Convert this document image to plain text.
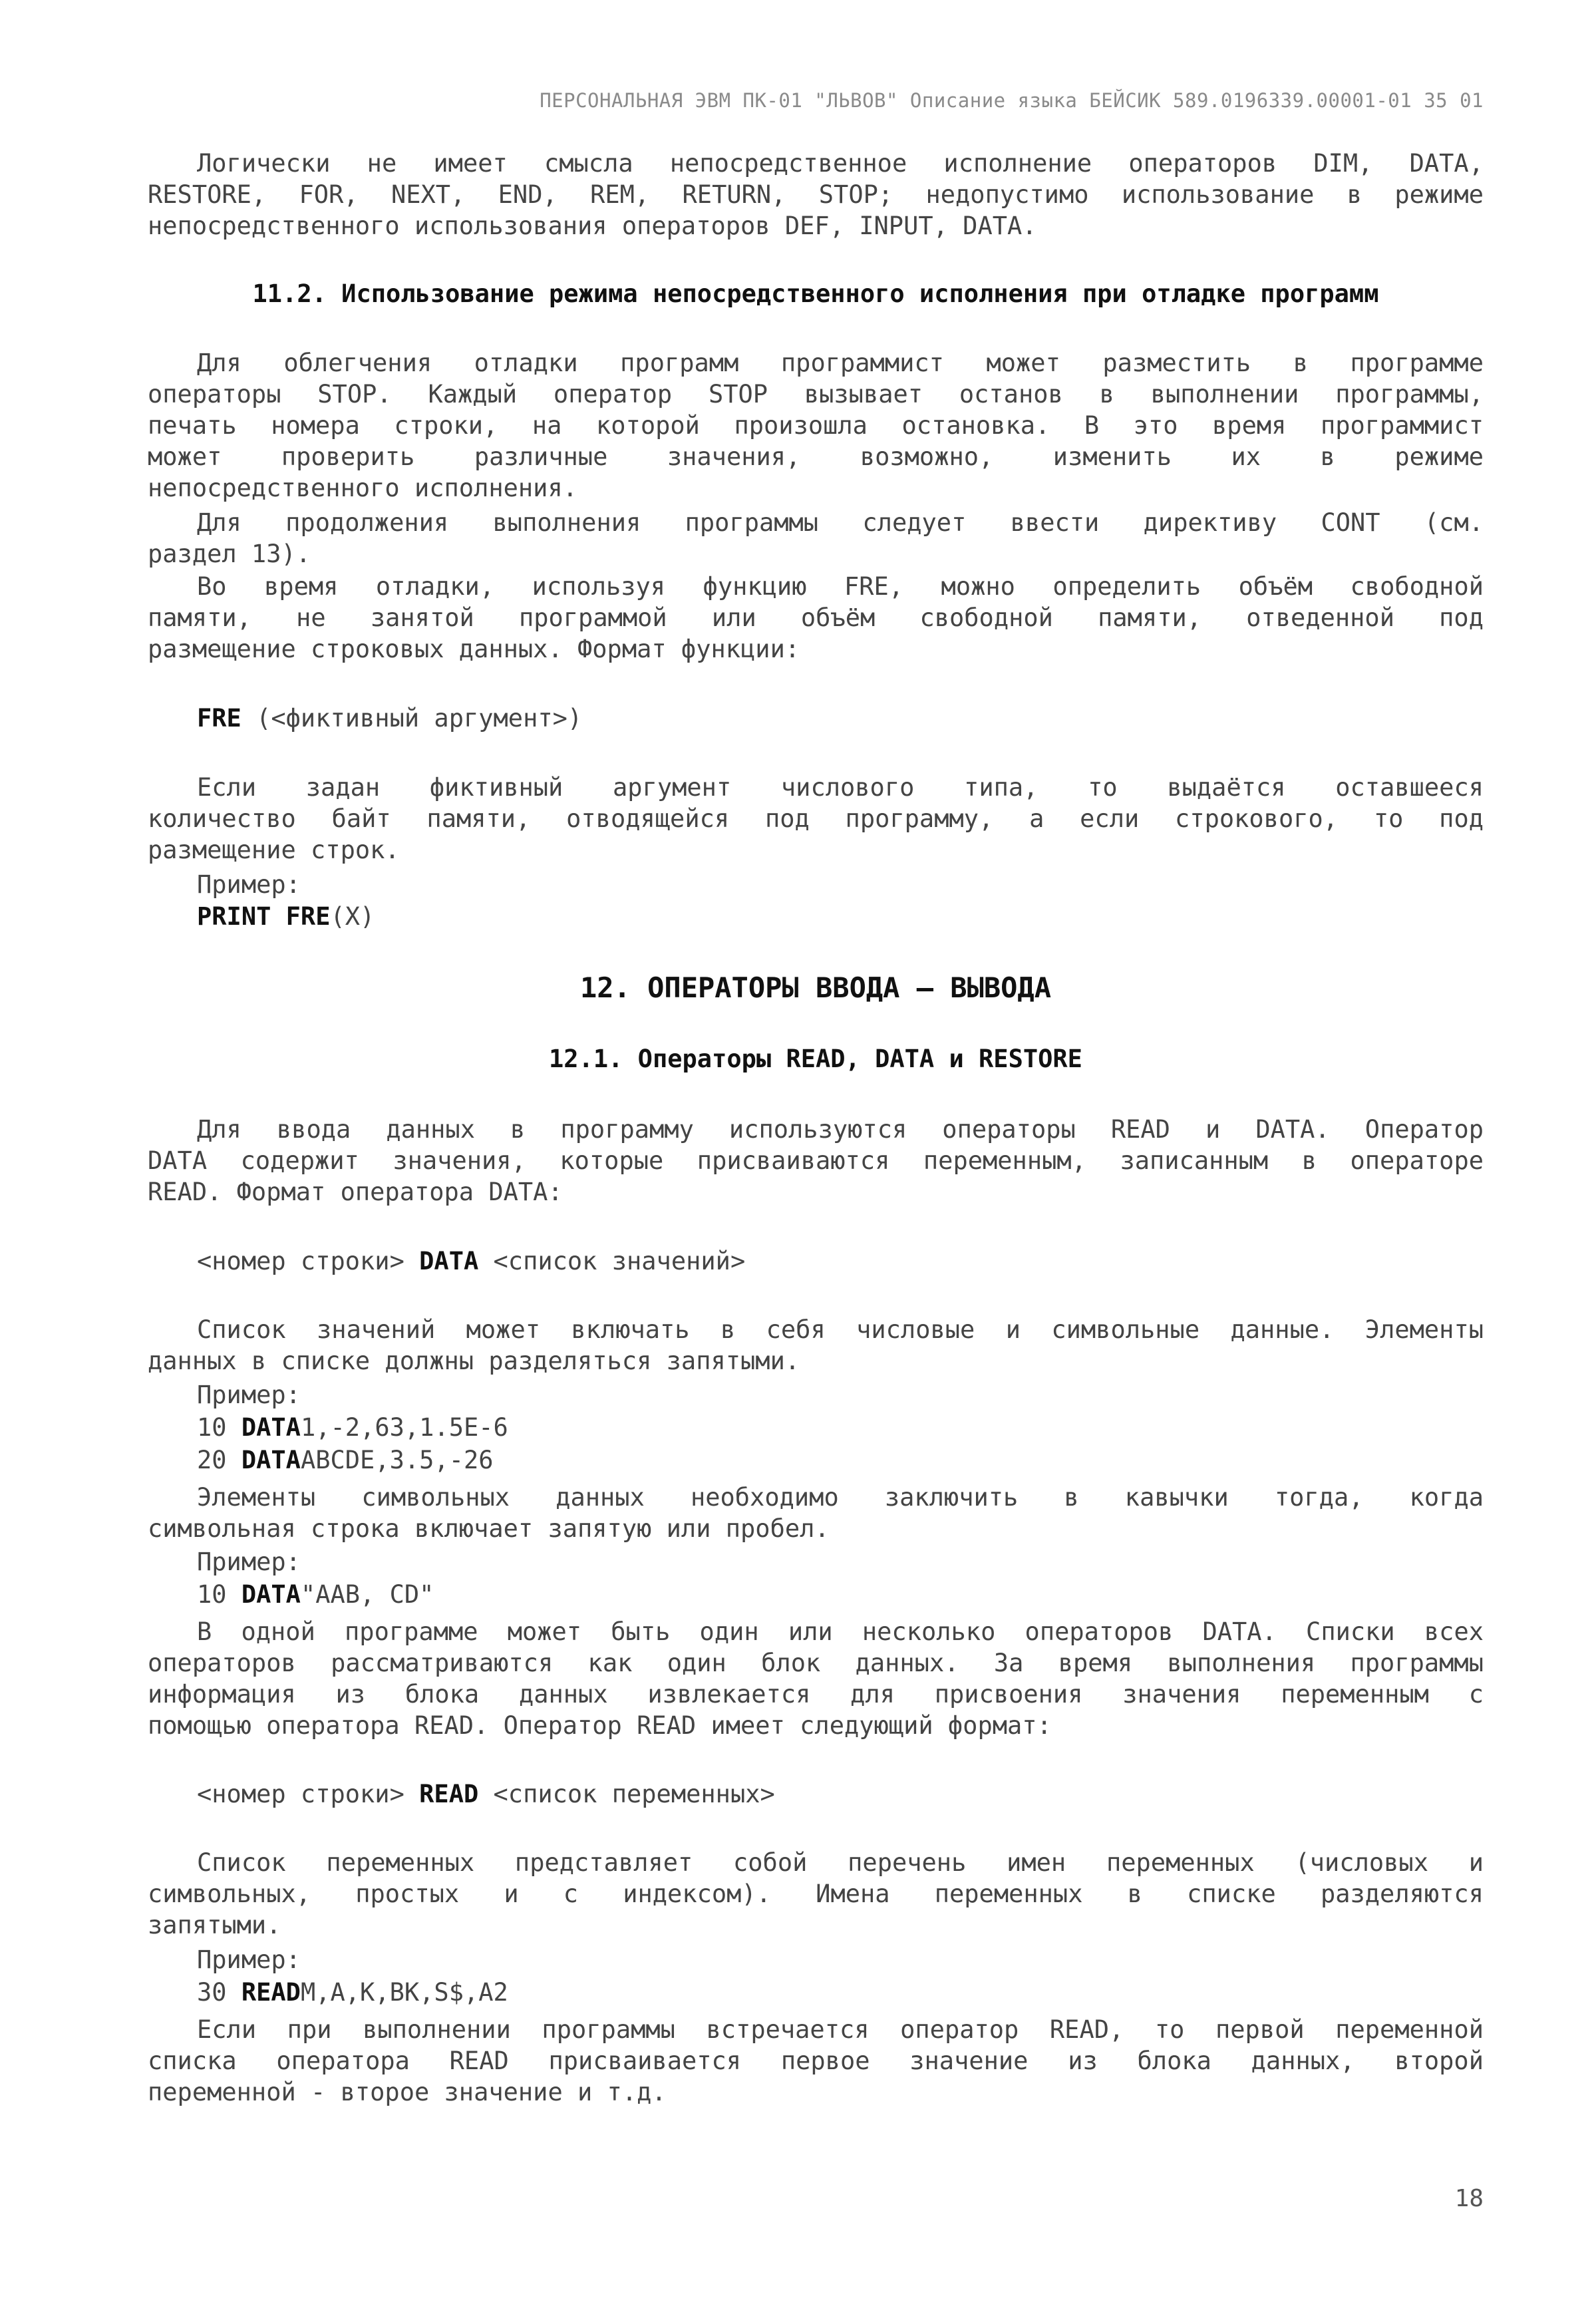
ПЕРСОНАЛЬНАЯ ЭВМ ПК-01 "ЛЬВОВ" Описание языка БЕЙСИК 589.0196339.00001-01 35 01
Логически не имеет смысла непосредственное исполнение операторов DIM, DATA,
RESTORE, FOR, NEXT, END, REM, RETURN, STOP; недопустимо использование в режиме
непосредственного использования операторов DEF, INPUT, DATA.
11.2. Использование режима непосредственного исполнения при отладке программ
Для облегчения отладки программ программист может разместить в программе
операторы STOP. Каждый оператор STOP вызывает останов в выполнении программы,
печать номера строки, на которой произошла остановка. В это время программист
может проверить различные значения, возможно, изменить их в режиме
непосредственного исполнения.
Для продолжения выполнения программы следует ввести директиву CONT (см.
раздел 13).
Во время отладки, используя функцию FRE, можно определить объём свободной
памяти, не занятой программой или объём свободной памяти, отведенной под
размещение строковых данных. Формат функции:
FRE (<фиктивный аргумент>)
Если задан фиктивный аргумент числового типа, то выдаётся оставшееся
количество байт памяти, отводящейся под программу, а если строкового, то под
размещение строк.
Пример:
PRINT FRE(X)
12. ОПЕРАТОРЫ ВВОДА – ВЫВОДА
12.1. Операторы READ, DATA и RESTORE
Для ввода данных в программу используются операторы READ и DATA. Оператор
DATA содержит значения, которые присваиваются переменным, записанным в операторе
READ. Формат оператора DATA:
<номер строки> DATA <список значений>
Список значений может включать в себя числовые и символьные данные. Элементы
данных в списке должны разделяться запятыми.
Пример:
10 DATA1,-2,63,1.5E-6
20 DATAABCDE,3.5,-26
Элементы символьных данных необходимо заключить в кавычки тогда, когда
символьная строка включает запятую или пробел.
Пример:
10 DATA"AAB, CD"
В одной программе может быть один или несколько операторов DATA. Списки всех
операторов рассматриваются как один блок данных. За время выполнения программы
информация из блока данных извлекается для присвоения значения переменным с
помощью оператора READ. Оператор READ имеет следующий формат:
<номер строки> READ <список переменных>
Список переменных представляет собой перечень имен переменных (числовых и
символьных, простых и с индексом). Имена переменных в списке разделяются
запятыми.
Пример:
30 READM,A,K,BK,S$,A2
Если при выполнении программы встречается оператор READ, то первой переменной
списка оператора READ присваивается первое значение из блока данных, второй
переменной - второе значение и т.д.
18
